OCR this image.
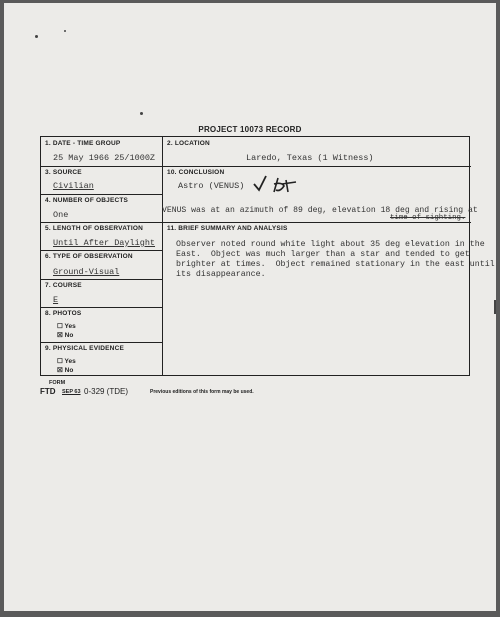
PROJECT 10073 RECORD
1. DATE - TIME GROUP
25 May 1966 25/1000Z
2. LOCATION
Laredo, Texas (1 Witness)
3. SOURCE
Civilian
10. CONCLUSION
Astro (VENUS)
VENUS was at an azimuth of 89 deg, elevation 18 deg and rising at
time of sighting.
4. NUMBER OF OBJECTS
One
5. LENGTH OF OBSERVATION
Until After Daylight
11. BRIEF SUMMARY AND ANALYSIS
Observer noted round white light about 35 deg elevation in the
East.  Object was much larger than a star and tended to get
brighter at times.  Object remained stationary in the east until
its disappearance.
6. TYPE OF OBSERVATION
Ground-Visual
7. COURSE
E
8. PHOTOS
☐ Yes
☒ No
9. PHYSICAL EVIDENCE
☐ Yes
☒ No
FORM
FTD SEP 63 0-329 (TDE)	Previous editions of this form may be used.
